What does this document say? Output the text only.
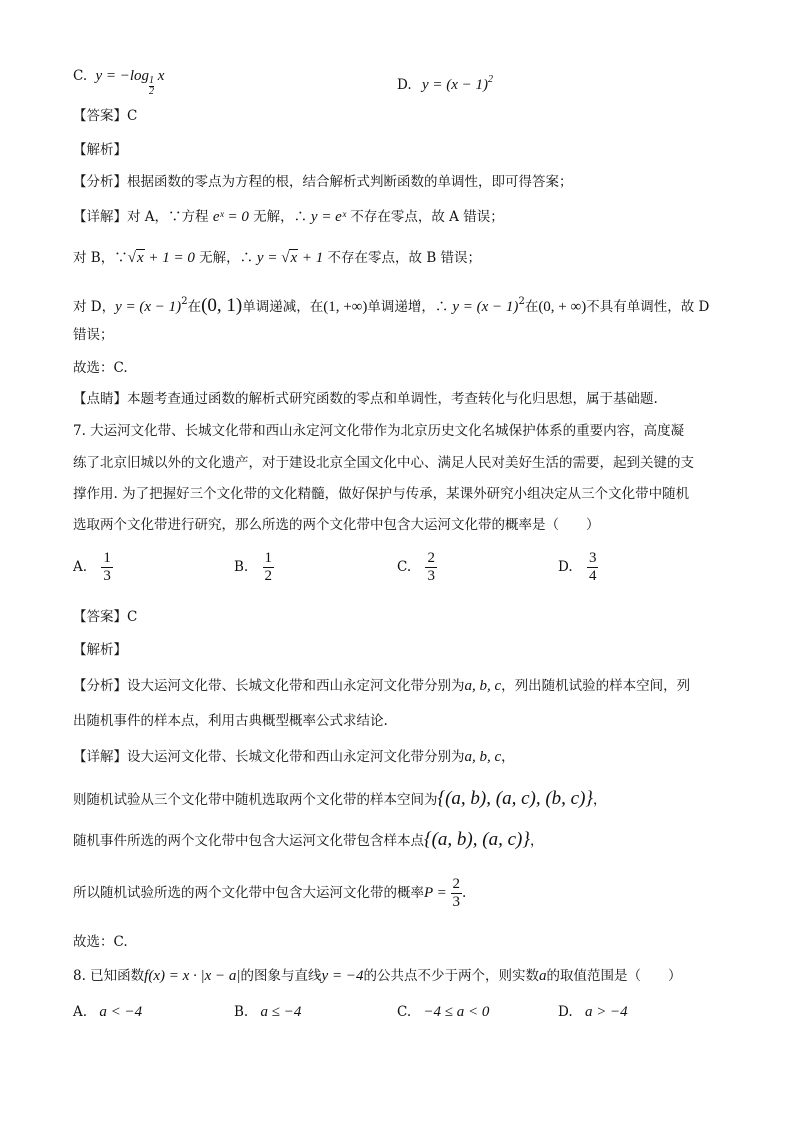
C. $y = -\log \frac{1}{2}$ x
D. $y = (x - 1)^2$
【答案】C
【解析】
【分析】根据函数的零点为方程的根，结合解析式判断函数的单调性，即可得答案；
【详解】对 A，∵方程 eˣ = 0 无解，∴ y = eˣ 不存在零点，故 A 错误；
对 B，∵√x + 1 = 0 无解，∴ y = √x + 1 不存在零点，故 B 错误；
对 D，$y = (x - 1)^2$在(0, 1)单调递减，在(1, +∞)单调递增，∴ $y = (x - 1)^2$在(0, + ∞)不具有单调性，故 D
错误；
故选：C.
【点睛】本题考查通过函数的解析式研究函数的零点和单调性，考查转化与化归思想，属于基础题.
7. 大运河文化带、长城文化带和西山永定河文化带作为北京历史文化名城保护体系的重要内容，高度凝
练了北京旧城以外的文化遗产，对于建设北京全国文化中心、满足人民对美好生活的需要，起到关键的支
撑作用. 为了把握好三个文化带的文化精髓，做好保护与传承，某课外研究小组决定从三个文化带中随机
选取两个文化带进行研究，那么所选的两个文化带中包含大运河文化带的概率是（　　）
A. $\frac{1}{3}$	B. $\frac{1}{2}$	C. $\frac{2}{3}$	D. $\frac{3}{4}$
【答案】C
【解析】
【分析】设大运河文化带、长城文化带和西山永定河文化带分别为a, b, c，列出随机试验的样本空间，列
出随机事件的样本点，利用古典概型概率公式求结论.
【详解】设大运河文化带、长城文化带和西山永定河文化带分别为a, b, c，
则随机试验从三个文化带中随机选取两个文化带的样本空间为{(a, b), (a, c), (b, c)}，
随机事件所选的两个文化带中包含大运河文化带包含样本点{(a, b), (a, c)}，
所以随机试验所选的两个文化带中包含大运河文化带的概率$P = \frac{2}{3}$ .
故选：C.
8. 已知函数f(x) = x · |x − a|的图象与直线y = −4的公共点不少于两个，则实数a的取值范围是（　　）
A. a < −4	B. a ≤ −4	C. −4 ≤ a < 0	D. a > −4
